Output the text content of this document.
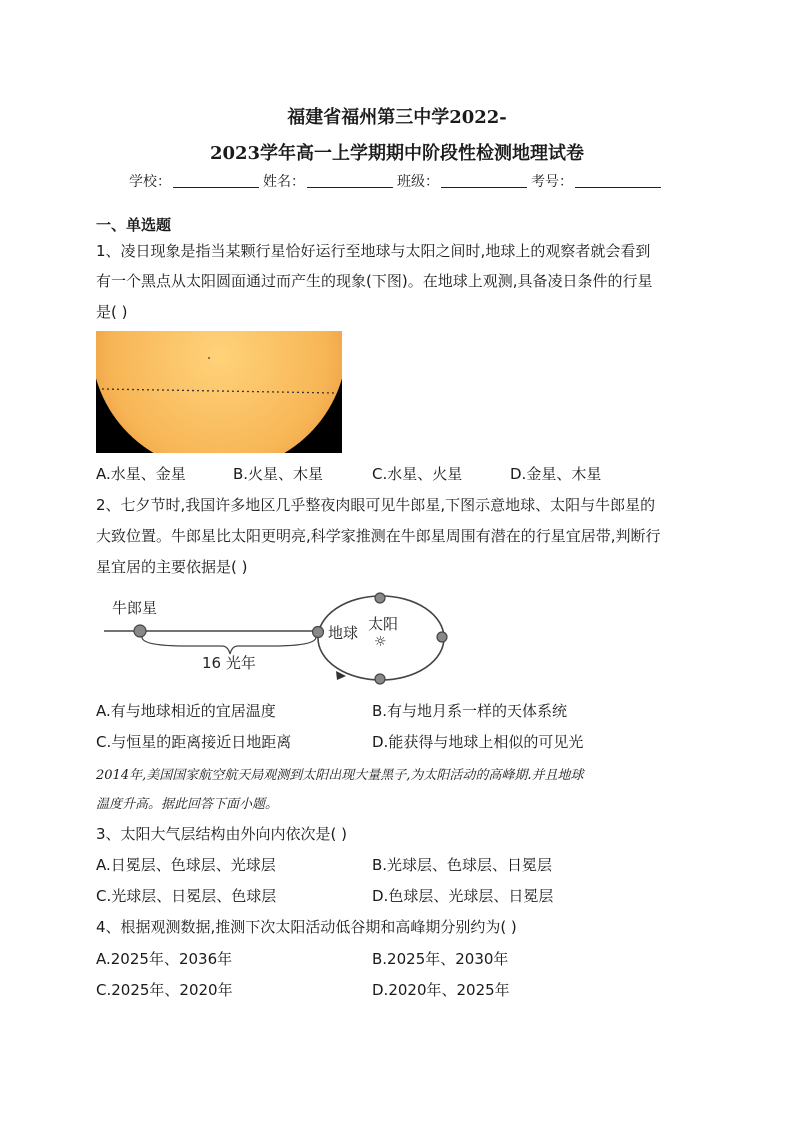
福建省福州第三中学2022-
2023学年高一上学期期中阶段性检测地理试卷
学校：	姓名：	班级：	考号：
一、单选题
1、凌日现象是指当某颗行星恰好运行至地球与太阳之间时,地球上的观察者就会看到
有一个黑点从太阳圆面通过而产生的现象(下图)。在地球上观测,具备凌日条件的行星
是( )
A.水星、金星	B.火星、木星	C.水星、火星	D.金星、木星
2、七夕节时,我国许多地区几乎整夜肉眼可见牛郎星,下图示意地球、太阳与牛郎星的
大致位置。牛郎星比太阳更明亮,科学家推测在牛郎星周围有潜在的行星宜居带,判断行
星宜居的主要依据是( )
牛郎星
16 光年
地球 太阳
☼
A.有与地球相近的宜居温度	B.有与地月系一样的天体系统
C.与恒星的距离接近日地距离	D.能获得与地球上相似的可见光
2014年,美国国家航空航天局观测到太阳出现大量黑子,为太阳活动的高峰期.并且地球
温度升高。据此回答下面小题。
3、太阳大气层结构由外向内依次是( )
A.日冕层、色球层、光球层	B.光球层、色球层、日冕层
C.光球层、日冕层、色球层	D.色球层、光球层、日冕层
4、根据观测数据,推测下次太阳活动低谷期和高峰期分别约为( )
A.2025年、2036年	B.2025年、2030年
C.2025年、2020年	D.2020年、2025年
